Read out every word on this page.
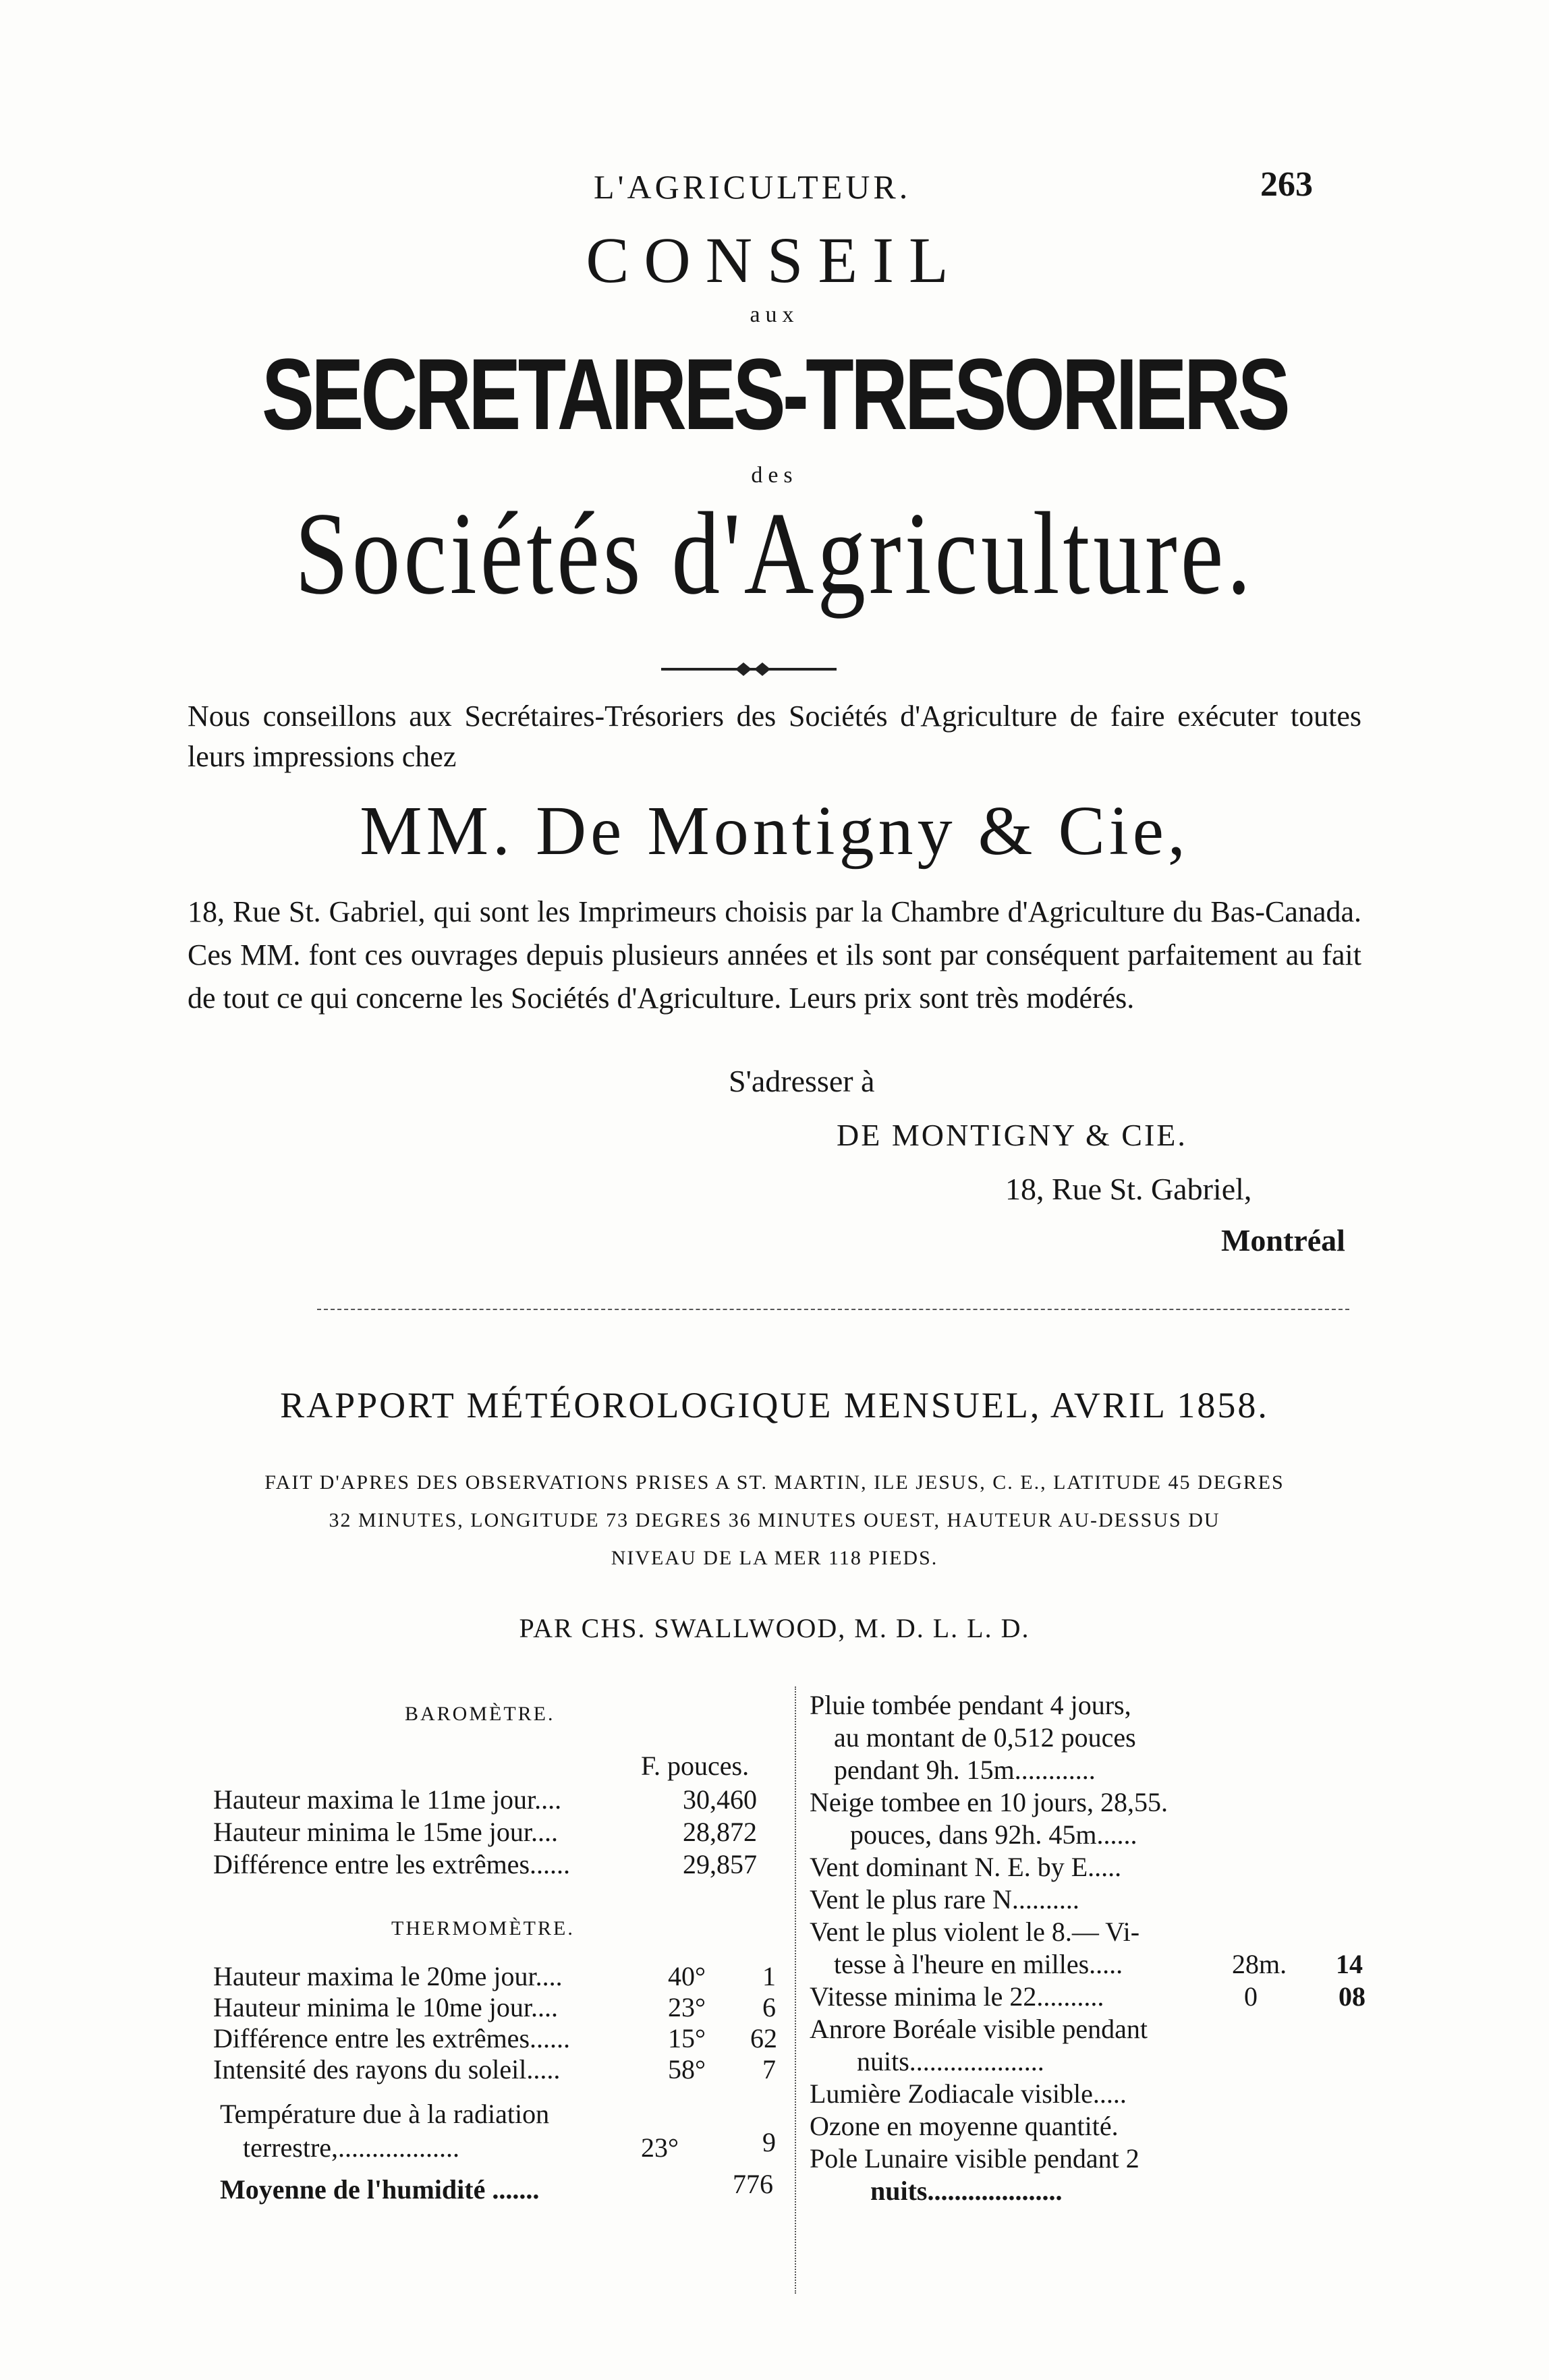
L'AGRICULTEUR.	263
CONSEIL
aux
SECRETAIRES-TRESORIERS
des
Sociétés d'Agriculture.
Nous conseillons aux Secrétaires-Trésoriers des Sociétés d'Agriculture de faire exécuter toutes leurs impressions chez
MM. De Montigny & Cie,
18, Rue St. Gabriel, qui sont les Imprimeurs choisis par la Chambre d'Agriculture du Bas-Canada. Ces MM. font ces ouvrages depuis plusieurs années et ils sont par conséquent parfaitement au fait de tout ce qui concerne les Sociétés d'Agriculture. Leurs prix sont très modérés.
S'adresser à
DE MONTIGNY & CIE.
18, Rue St. Gabriel,
Montréal
RAPPORT MÉTÉOROLOGIQUE MENSUEL, AVRIL 1858.
FAIT D'APRES DES OBSERVATIONS PRISES A ST. MARTIN, ILE JESUS, C. E., LATITUDE 45 DEGRES
32 MINUTES, LONGITUDE 73 DEGRES 36 MINUTES OUEST, HAUTEUR AU-DESSUS DU
NIVEAU DE LA MER 118 PIEDS.
PAR CHS. SWALLWOOD, M. D. L. L. D.
BAROMÈTRE.
F. pouces.
Hauteur maxima le 11me jour....	30,460
Hauteur minima le 15me jour....	28,872
Différence entre les extrêmes......	29,857
THERMOMÈTRE.
Hauteur maxima le 20me jour....	40° 1
Hauteur minima le 10me jour....	23° 6
Différence entre les extrêmes......	15° 62
Intensité des rayons du soleil.....	58° 7
Température due à la radiation
terrestre,..................	23°	9
Moyenne de l'humidité .......	776
Pluie tombée pendant 4 jours,
au montant de 0,512 pouces
pendant 9h. 15m............
Neige tombee en 10 jours, 28,55.
pouces, dans 92h. 45m......
Vent dominant N. E. by E.....
Vent le plus rare N..........
Vent le plus violent le 8.— Vi-
tesse à l'heure en milles.....	28m. 14
Vitesse minima le 22..........	0	08
Anrore Boréale visible pendant
nuits....................
Lumière Zodiacale visible.....
Ozone en moyenne quantité.
Pole Lunaire visible pendant 2
nuits....................
